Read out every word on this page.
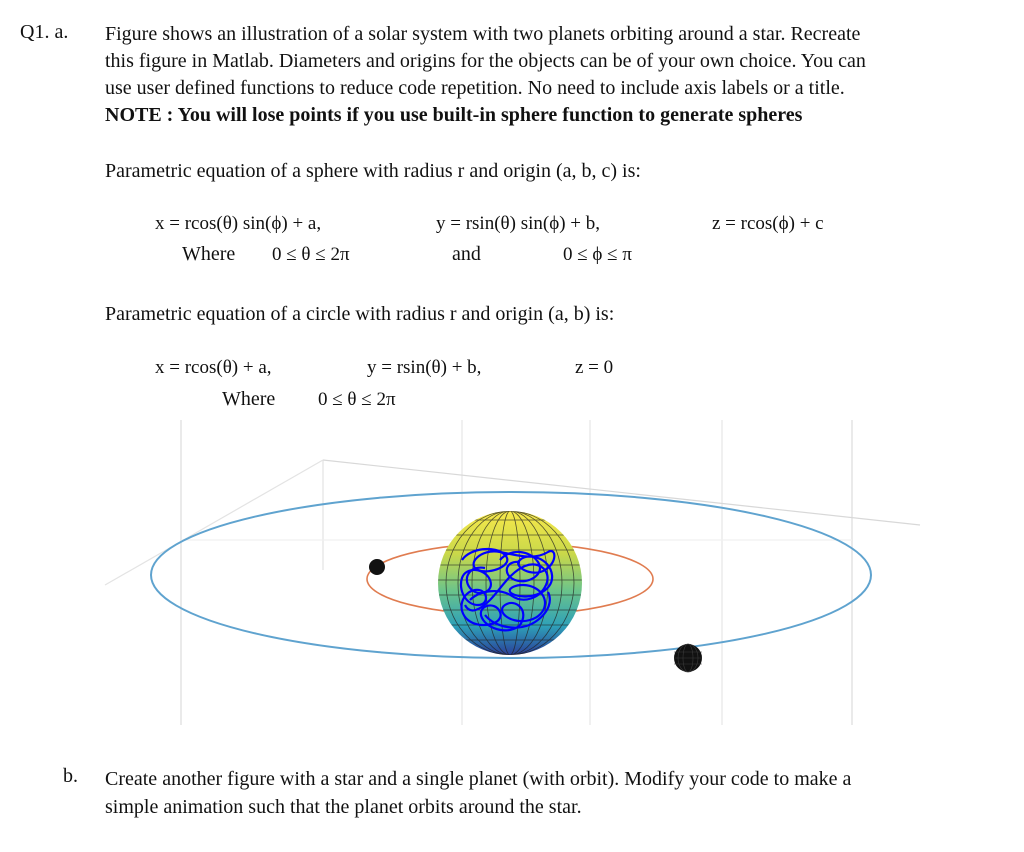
Q1. a. Figure shows an illustration of a solar system with two planets orbiting around a star. Recreate
this figure in Matlab. Diameters and origins for the objects can be of your own choice. You can
use user defined functions to reduce code repetition. No need to include axis labels or a title.
NOTE : You will lose points if you use built-in sphere function to generate spheres
Parametric equation of a sphere with radius r and origin (a, b, c) is:
x = rcos(θ) sin(ϕ) + a,	y = rsin(θ) sin(ϕ) + b,	z = rcos(ϕ) + c
Where 0 ≤ θ ≤ 2π	and	0 ≤ ϕ ≤ π
Parametric equation of a circle with radius r and origin (a, b) is:
x = rcos(θ) + a,	y = rsin(θ) + b,	z = 0
Where 0 ≤ θ ≤ 2π
b. Create another figure with a star and a single planet (with orbit). Modify your code to make a
simple animation such that the planet orbits around the star.
